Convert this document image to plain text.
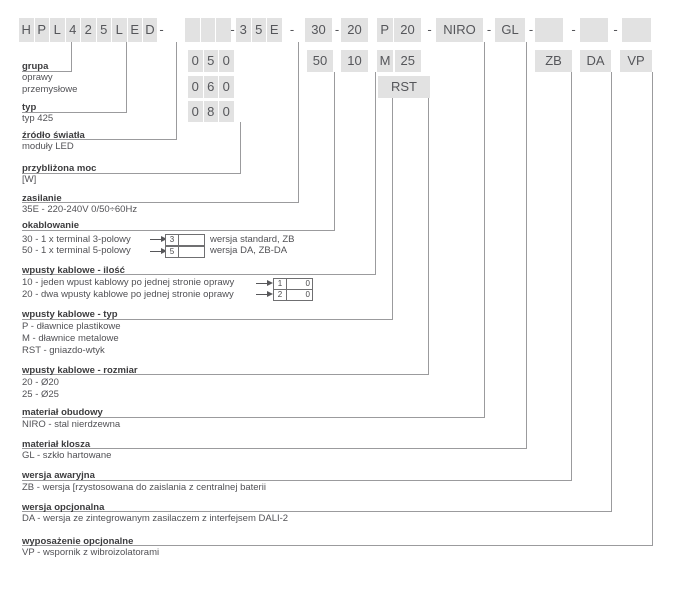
H P L 4 2 5 L E D -	- 3 5 E -	30 - 20	P 20 - NIRO - GL -	-	-
0 5 0	50	10	M 25	ZB	DA	VP
0 6 0	RST
0 8 0
grupa
oprawy
przemysłowe
typ
typ 425
źródło światła
moduły LED
przybliżona moc
[W]
zasilanie
35E - 220-240V 0/50÷60Hz
okablowanie
30 - 1 x terminal 3-polowy	3	wersja standard, ZB
50 - 1 x terminal 5-polowy	5	wersja DA, ZB-DA
wpusty kablowe - ilość
10 - jeden wpust kablowy po jednej stronie oprawy	1	0
20 - dwa wpusty kablowe po jednej stronie oprawy	2	0
wpusty kablowe - typ
P - dławnice plastikowe
M - dławnice metalowe
RST - gniazdo-wtyk
wpusty kablowe - rozmiar
20 - Ø20
25 - Ø25
materiał obudowy
NIRO - stal nierdzewna
materiał klosza
GL - szkło hartowane
wersja awaryjna
ZB - wersja [rzystosowana do zaislania z centralnej baterii
wersja opcjonalna
DA - wersja ze zintegrowanym zasilaczem z interfejsem DALI-2
wyposażenie opcjonalne
VP - wspornik z wibroizolatorami
